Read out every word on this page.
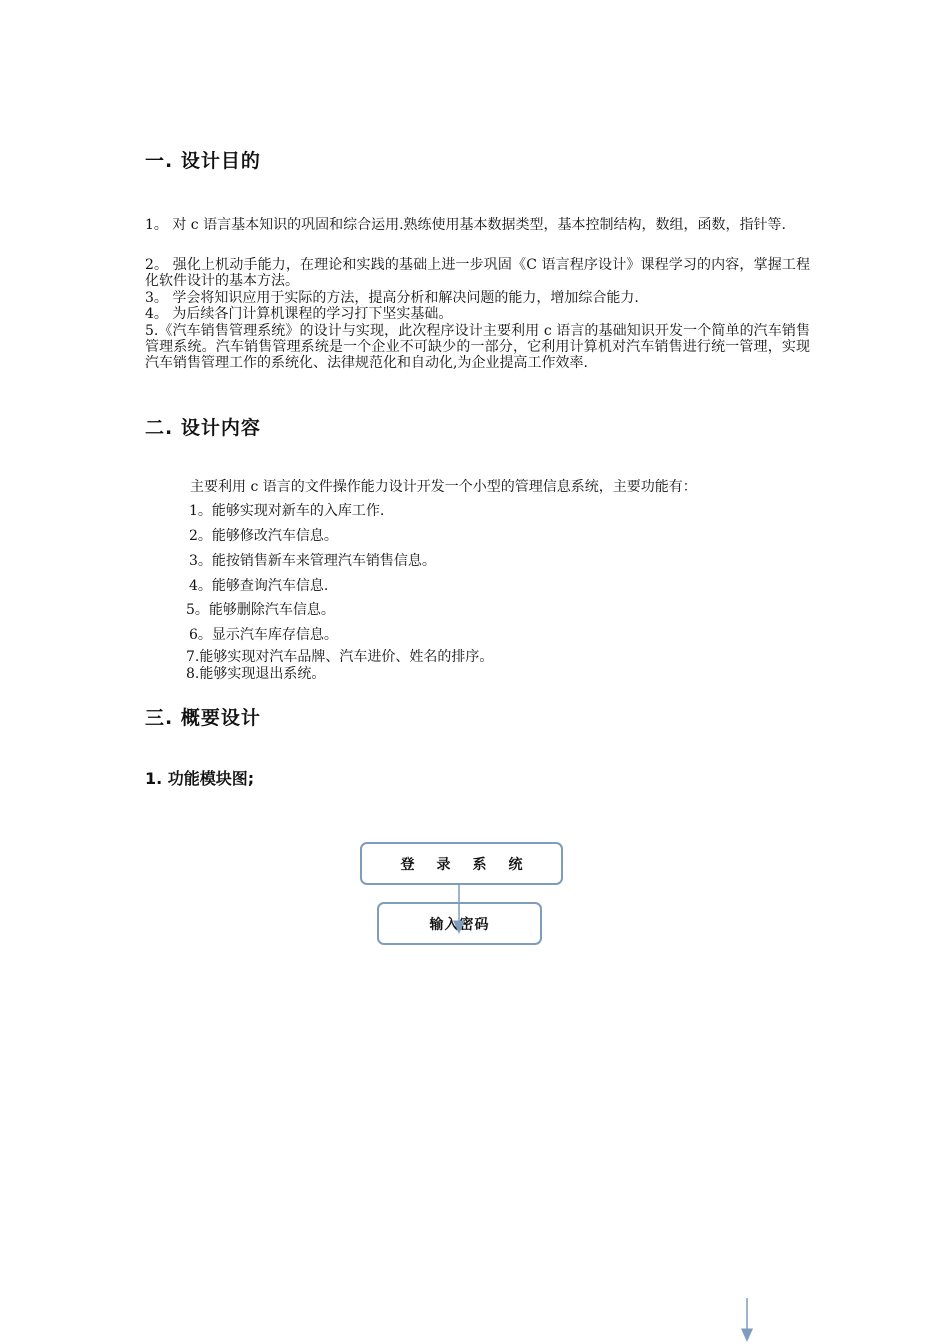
一. 设计目的

1。 对 c 语言基本知识的巩固和综合运用.熟练使用基本数据类型，基本控制结构，数组，函数，指针等.

2。 强化上机动手能力，在理论和实践的基础上进一步巩固《C 语言程序设计》课程学习的内容，掌握工程化软件设计的基本方法。

3。 学会将知识应用于实际的方法，提高分析和解决问题的能力，增加综合能力.

4。 为后续各门计算机课程的学习打下坚实基础。

5.《汽车销售管理系统》的设计与实现，此次程序设计主要利用 c 语言的基础知识开发一个简单的汽车销售管理系统。汽车销售管理系统是一个企业不可缺少的一部分，它利用计算机对汽车销售进行统一管理，实现汽车销售管理工作的系统化、法律规范化和自动化,为企业提高工作效率.

二. 设计内容

主要利用 c 语言的文件操作能力设计开发一个小型的管理信息系统，主要功能有：

1。能够实现对新车的入库工作.

2。能够修改汽车信息。

3。能按销售新车来管理汽车销售信息。

4。能够查询汽车信息.

5。能够删除汽车信息。

6。显示汽车库存信息。

7.能够实现对汽车品牌、汽车进价、姓名的排序。

8.能够实现退出系统。

三. 概要设计
1. 功能模块图;
输入密码
登录系统
